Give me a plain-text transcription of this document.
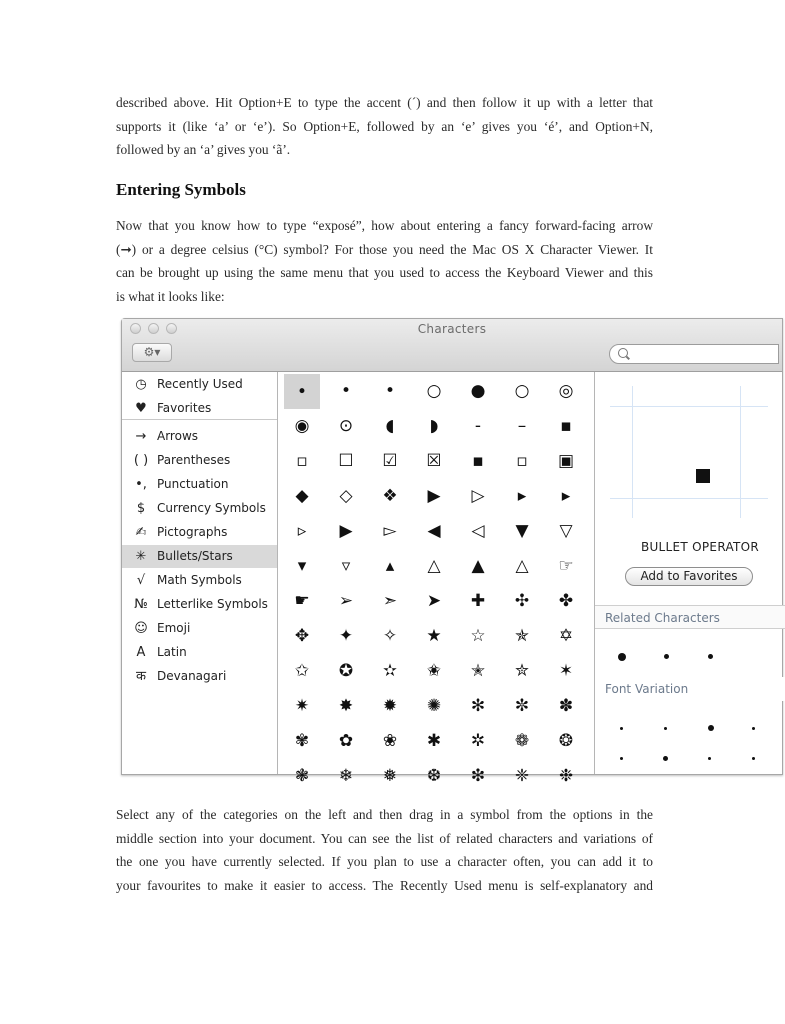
described above. Hit Option+E to type the accent (´) and then follow it up with a letter that
supports it (like ‘a’ or ‘e’). So Option+E, followed by an ‘e’ gives you ‘é’, and Option+N,
followed by an ‘a’ gives you ‘ã’.
Entering Symbols
Now that you know how to type “exposé”, how about entering a fancy forward-facing arrow
(➞) or a degree celsius (°C) symbol? For those you need the Mac OS X Character Viewer. It
can be brought up using the same menu that you used to access the Keyboard Viewer and this
is what it looks like:
Characters
⚙▾
◷ Recently Used
♥ Favorites
→ Arrows
( ) Parentheses
•, Punctuation
$ Currency Symbols
✍ Pictographs
✳ Bullets/Stars
√ Math Symbols
№ Letterlike Symbols
☺ Emoji
A Latin
क Devanagari
∙	•	•	○	●	○	◎
◉	⊙	◖	◗	‐	–	▪
▫	☐	☑	☒	▪	▫	▣
◆	◇	❖	▶	▷	▸	▸
▹	▶	▻	◀	◁	▼	▽
▾	▿	▴	△	▲	△	☞
☛	➢	➣	➤	✚	✣	✤
✥	✦	✧	★	☆	✯	✡
✩	✪	✫	✬	✭	✮	✶
✷	✸	✹	✺	✻	✼	✽
✾	✿	❀	✱	✲	❁	❂
❃	❄	❅	❆	❇	❈	❉
BULLET OPERATOR
Add to Favorites
Related Characters
Font Variation
Select any of the categories on the left and then drag in a symbol from the options in the
middle section into your document. You can see the list of related characters and variations of
the one you have currently selected. If you plan to use a character often, you can add it to
your favourites to make it easier to access. The Recently Used menu is self-explanatory and
